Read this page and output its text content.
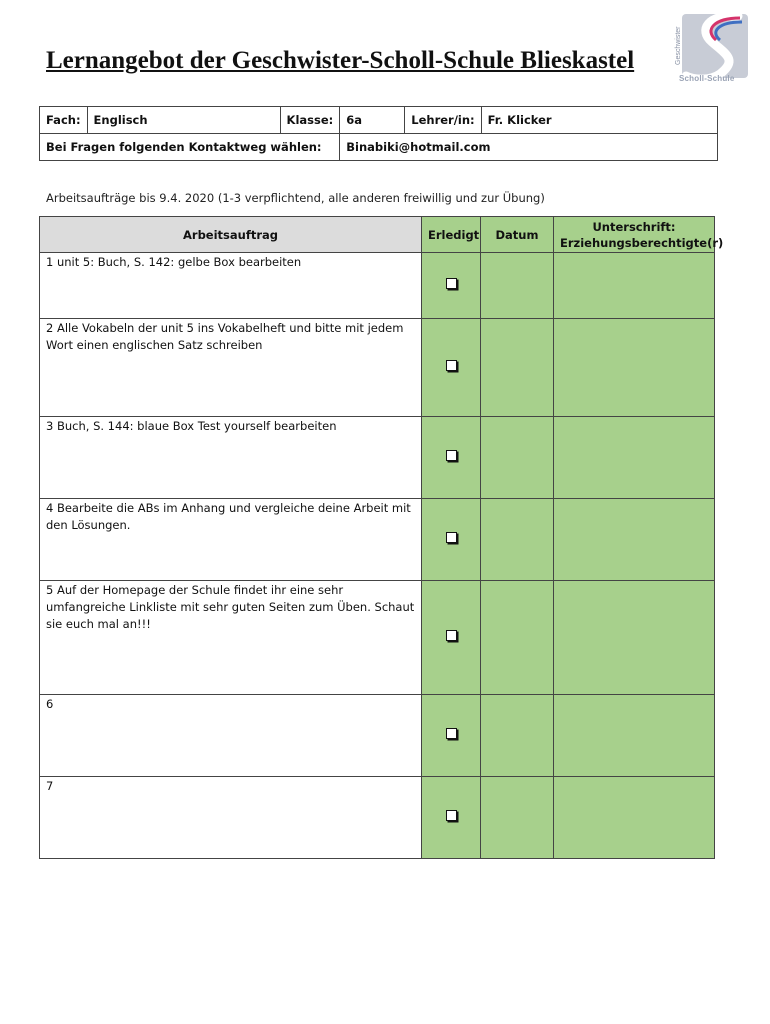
Lernangebot der Geschwister-Scholl-Schule Blieskastel	Geschwister
Scholl-Schule
Fach:	Englisch	Klasse:	6a	Lehrer/in:	Fr. Klicker
Bei Fragen folgenden Kontaktweg wählen:			Binabiki@hotmail.com		
Arbeitsaufträge bis 9.4. 2020 (1-3 verpflichtend, alle anderen freiwillig und zur Übung)
Arbeitsauftrag	Erledigt	Datum	Unterschrift:
Erziehungsberechtigte(r)
1 unit 5: Buch, S. 142: gelbe Box bearbeiten			
2 Alle Vokabeln der unit 5 ins Vokabelheft und bitte mit jedem Wort einen englischen Satz schreiben			
3 Buch, S. 144: blaue Box Test yourself bearbeiten			
4 Bearbeite die ABs im Anhang und vergleiche deine Arbeit mit den Lösungen.			
5 Auf der Homepage der Schule findet ihr eine sehr umfangreiche Linkliste mit sehr guten Seiten zum Üben. Schaut sie euch mal an!!!			
6			
7			
